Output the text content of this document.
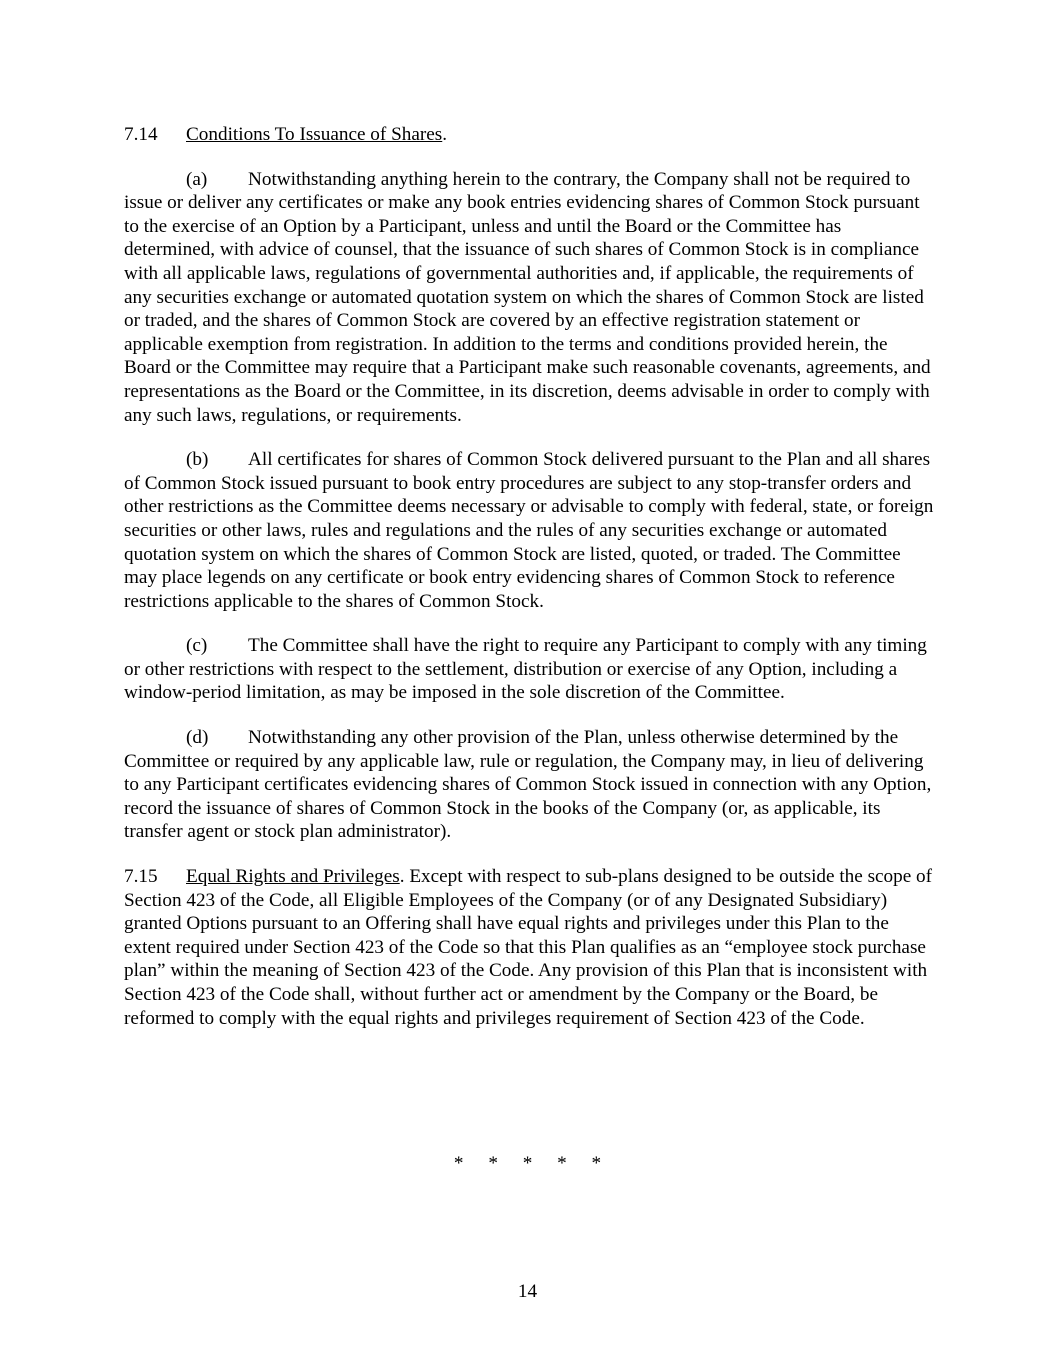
7.14 Conditions To Issuance of Shares.

(a) Notwithstanding anything herein to the contrary, the Company shall not be required to issue or deliver any certificates or make any book entries evidencing shares of Common Stock pursuant to the exercise of an Option by a Participant, unless and until the Board or the Committee has determined, with advice of counsel, that the issuance of such shares of Common Stock is in compliance with all applicable laws, regulations of governmental authorities and, if applicable, the requirements of any securities exchange or automated quotation system on which the shares of Common Stock are listed or traded, and the shares of Common Stock are covered by an effective registration statement or applicable exemption from registration. In addition to the terms and conditions provided herein, the Board or the Committee may require that a Participant make such reasonable covenants, agreements, and representations as the Board or the Committee, in its discretion, deems advisable in order to comply with any such laws, regulations, or requirements.

(b) All certificates for shares of Common Stock delivered pursuant to the Plan and all shares of Common Stock issued pursuant to book entry procedures are subject to any stop-transfer orders and other restrictions as the Committee deems necessary or advisable to comply with federal, state, or foreign securities or other laws, rules and regulations and the rules of any securities exchange or automated quotation system on which the shares of Common Stock are listed, quoted, or traded. The Committee may place legends on any certificate or book entry evidencing shares of Common Stock to reference restrictions applicable to the shares of Common Stock.

(c) The Committee shall have the right to require any Participant to comply with any timing or other restrictions with respect to the settlement, distribution or exercise of any Option, including a window-period limitation, as may be imposed in the sole discretion of the Committee.

(d) Notwithstanding any other provision of the Plan, unless otherwise determined by the Committee or required by any applicable law, rule or regulation, the Company may, in lieu of delivering to any Participant certificates evidencing shares of Common Stock issued in connection with any Option, record the issuance of shares of Common Stock in the books of the Company (or, as applicable, its transfer agent or stock plan administrator).

7.15 Equal Rights and Privileges. Except with respect to sub-plans designed to be outside the scope of Section 423 of the Code, all Eligible Employees of the Company (or of any Designated Subsidiary) granted Options pursuant to an Offering shall have equal rights and privileges under this Plan to the extent required under Section 423 of the Code so that this Plan qualifies as an “employee stock purchase plan” within the meaning of Section 423 of the Code. Any provision of this Plan that is inconsistent with Section 423 of the Code shall, without further act or amendment by the Company or the Board, be reformed to comply with the equal rights and privileges requirement of Section 423 of the Code.

* * * * *
14
